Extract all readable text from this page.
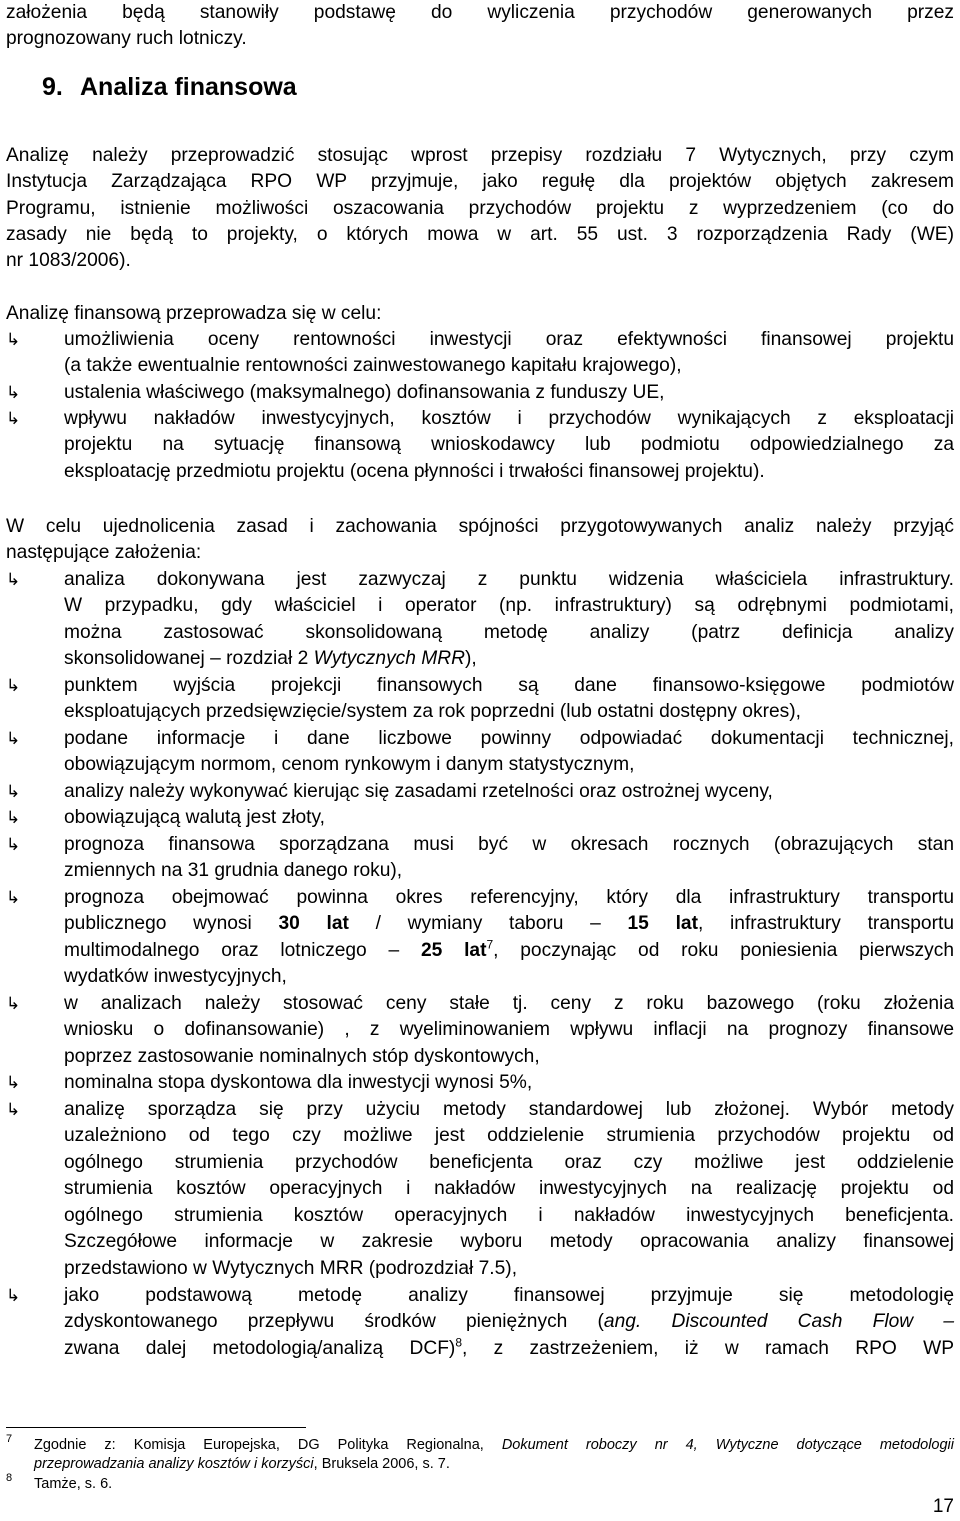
założenia będą stanowiły podstawę do wyliczenia przychodów generowanych przez
prognozowany ruch lotniczy.
9. Analiza finansowa
Analizę należy przeprowadzić stosując wprost przepisy rozdziału 7 Wytycznych, przy czym
Instytucja Zarządzająca RPO WP przyjmuje, jako regułę dla projektów objętych zakresem
Programu, istnienie możliwości oszacowania przychodów projektu z wyprzedzeniem (co do
zasady nie będą to projekty, o których mowa w art. 55 ust. 3 rozporządzenia Rady (WE)
nr 1083/2006).
Analizę finansową przeprowadza się w celu:
↳	umożliwienia oceny rentowności inwestycji oraz efektywności finansowej projektu
(a także ewentualnie rentowności zainwestowanego kapitału krajowego),
↳	ustalenia właściwego (maksymalnego) dofinansowania z funduszy UE,
↳	wpływu nakładów inwestycyjnych, kosztów i przychodów wynikających z eksploatacji
projektu na sytuację finansową wnioskodawcy lub podmiotu odpowiedzialnego za
eksploatację przedmiotu projektu (ocena płynności i trwałości finansowej projektu).
W celu ujednolicenia zasad i zachowania spójności przygotowywanych analiz należy przyjąć
następujące założenia:
↳	analiza dokonywana jest zazwyczaj z punktu widzenia właściciela infrastruktury.
W przypadku, gdy właściciel i operator (np. infrastruktury) są odrębnymi podmiotami,
można zastosować skonsolidowaną metodę analizy (patrz definicja analizy
skonsolidowanej – rozdział 2 Wytycznych MRR),
↳	punktem wyjścia projekcji finansowych są dane finansowo-księgowe podmiotów
eksploatujących przedsięwzięcie/system za rok poprzedni (lub ostatni dostępny okres),
↳	podane informacje i dane liczbowe powinny odpowiadać dokumentacji technicznej,
obowiązującym normom, cenom rynkowym i danym statystycznym,
↳	analizy należy wykonywać kierując się zasadami rzetelności oraz ostrożnej wyceny,
↳	obowiązującą walutą jest złoty,
↳	prognoza finansowa sporządzana musi być w okresach rocznych (obrazujących stan
zmiennych na 31 grudnia danego roku),
↳	prognoza obejmować powinna okres referencyjny, który dla infrastruktury transportu
publicznego wynosi 30 lat / wymiany taboru – 15 lat, infrastruktury transportu
multimodalnego oraz lotniczego – 25 lat$^7$, poczynając od roku poniesienia pierwszych
wydatków inwestycyjnych,
↳	w analizach należy stosować ceny stałe tj. ceny z roku bazowego (roku złożenia
wniosku o dofinansowanie) , z wyeliminowaniem wpływu inflacji na prognozy finansowe
poprzez zastosowanie nominalnych stóp dyskontowych,
↳	nominalna stopa dyskontowa dla inwestycji wynosi 5%,
↳	analizę sporządza się przy użyciu metody standardowej lub złożonej. Wybór metody
uzależniono od tego czy możliwe jest oddzielenie strumienia przychodów projektu od
ogólnego strumienia przychodów beneficjenta oraz czy możliwe jest oddzielenie
strumienia kosztów operacyjnych i nakładów inwestycyjnych na realizację projektu od
ogólnego strumienia kosztów operacyjnych i nakładów inwestycyjnych beneficjenta.
Szczegółowe informacje w zakresie wyboru metody opracowania analizy finansowej
przedstawiono w Wytycznych MRR (podrozdział 7.5),
↳	jako podstawową metodę analizy finansowej przyjmuje się metodologię
zdyskontowanego przepływu środków pieniężnych (ang. Discounted Cash Flow –
zwana dalej metodologią/analizą DCF)$^8$, z zastrzeżeniem, iż w ramach RPO WP
7 Zgodnie z: Komisja Europejska, DG Polityka Regionalna, Dokument roboczy nr 4, Wytyczne dotyczące metodologii
przeprowadzania analizy kosztów i korzyści, Bruksela 2006, s. 7.
8 Tamże, s. 6.
17
